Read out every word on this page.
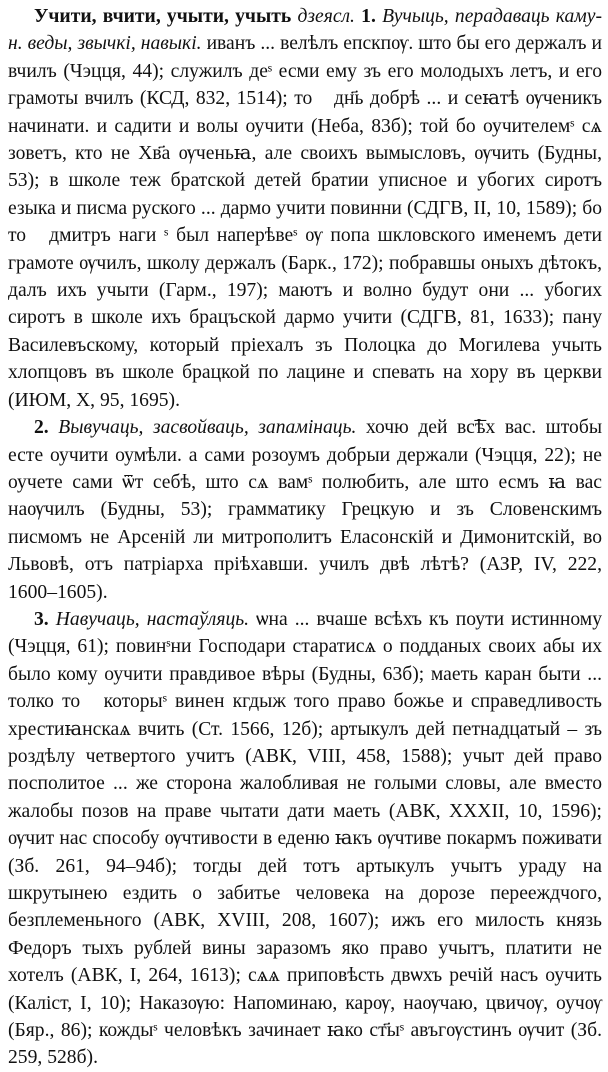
Учити, вчити, учыти, учыть дзеясл. 1. Вучыць, перадаваць каму-н. веды, звычкі, навыкі. иванъ ... велѣлъ епскпѹ. што бы его держалъ и вчилъ (Чэцця, 44); служилъ деˢ есми ему зъ его молодыхъ летъ, и его грамоты вчилъ (КСД, 832, 1514); тоⷮ дн҃ь добрѣ ... и сеꙗтѣ ѹченикъ начинати. и садити и волы оучити (Неба, 83б); той бо оучителемˢ сѧ зоветъ, кто не Хв҃а ѹченьꙗ, але своихъ вымысловъ, ѹчить (Будны, 53); в школе теж братской детей братии уписное и убогих сиротъ езыка и писма руского ... дармо учити повинни (СДГВ, II, 10, 1589); бо тоⷮ дмитръ наги ˢ был наперѣвеˢ ѹ попа шкловского именемъ дети грамоте ѹчилъ, школу держалъ (Барк., 172); побравшы оныхъ дѣтокъ, далъ ихъ учыти (Гарм., 197); маютъ и волно будут они ... убогих сиротъ в школе ихъ брацъской дармо учити (СДГВ, 81, 1633); пану Василевъскому, который пріехалъ зъ Полоцка до Могилева учыть хлопцовъ въ школе брацкой по лацине и спевать на хору въ церкви (ИЮМ, X, 95, 1695).

2. Вывучаць, засвойваць, запамінаць. хочю дей вс͞ѣх вас. штобы есте оучити оумѣли. а сами розоумъ добрыи держали (Чэцця, 22); не оучете сами ѿт себѣ, што сѧ вамˢ полюбить, але што есмъ ꙗ вас наѹчилъ (Будны, 53); грамматику Грецкую и зъ Словенскимъ писмомъ не Арсеній ли митрополитъ Еласонскій и Димонитскій, во Львовѣ, отъ патріарха пріѣхавши. училъ двѣ лѣтѣ? (АЗР, IV, 222, 1600–1605).

3. Навучаць, настаўляць. ѡна ... вчаше всѣхъ къ поути истинному (Чэцця, 61); повинˢни Господари старатисѧ о подданых своих абы их было кому оучити правдивое вѣры (Будны, 63б); маеть каран быти ... толко тоⷮ которыˢ винен кгдыж того право божье и справедливость хрестиꙗнскаѧ вчить (Ст. 1566, 12б); артыкулъ дей петнадцатый – зъ роздѣлу четвертого учитъ (АВК, VIII, 458, 1588); учыт дей право посполитое ... же сторона жалобливая не голыми словы, але вместо жалобы позов на праве чытати дати маеть (АВК, XXXII, 10, 1596); ѹчит нас способу ѹчтивости в еденю ꙗкъ ѹчтиве покармъ поживати (Зб. 261, 94–94б); тогды дей тотъ артыкулъ учытъ ураду на шкрутынею ездить о забитье человека на дорозе перееждчого, безплеменьного (АВК, XVIII, 208, 1607); ижъ его милость князь Федоръ тыхъ рублей вины заразомъ яко право учытъ, платити не хотелъ (АВК, I, 264, 1613); сѧѧ приповѣсть двѡхъ речій насъ оучить (Каліст, I, 10); Наказѹю: Напоминаю, карѹ, наѹчаю, цвичѹ, оучѹ (Бяр., 86); кождыˢ человѣкъ зачинает ꙗко ст҃ыˢ авъгѹстинъ ѹчит (Зб. 259, 528б).
